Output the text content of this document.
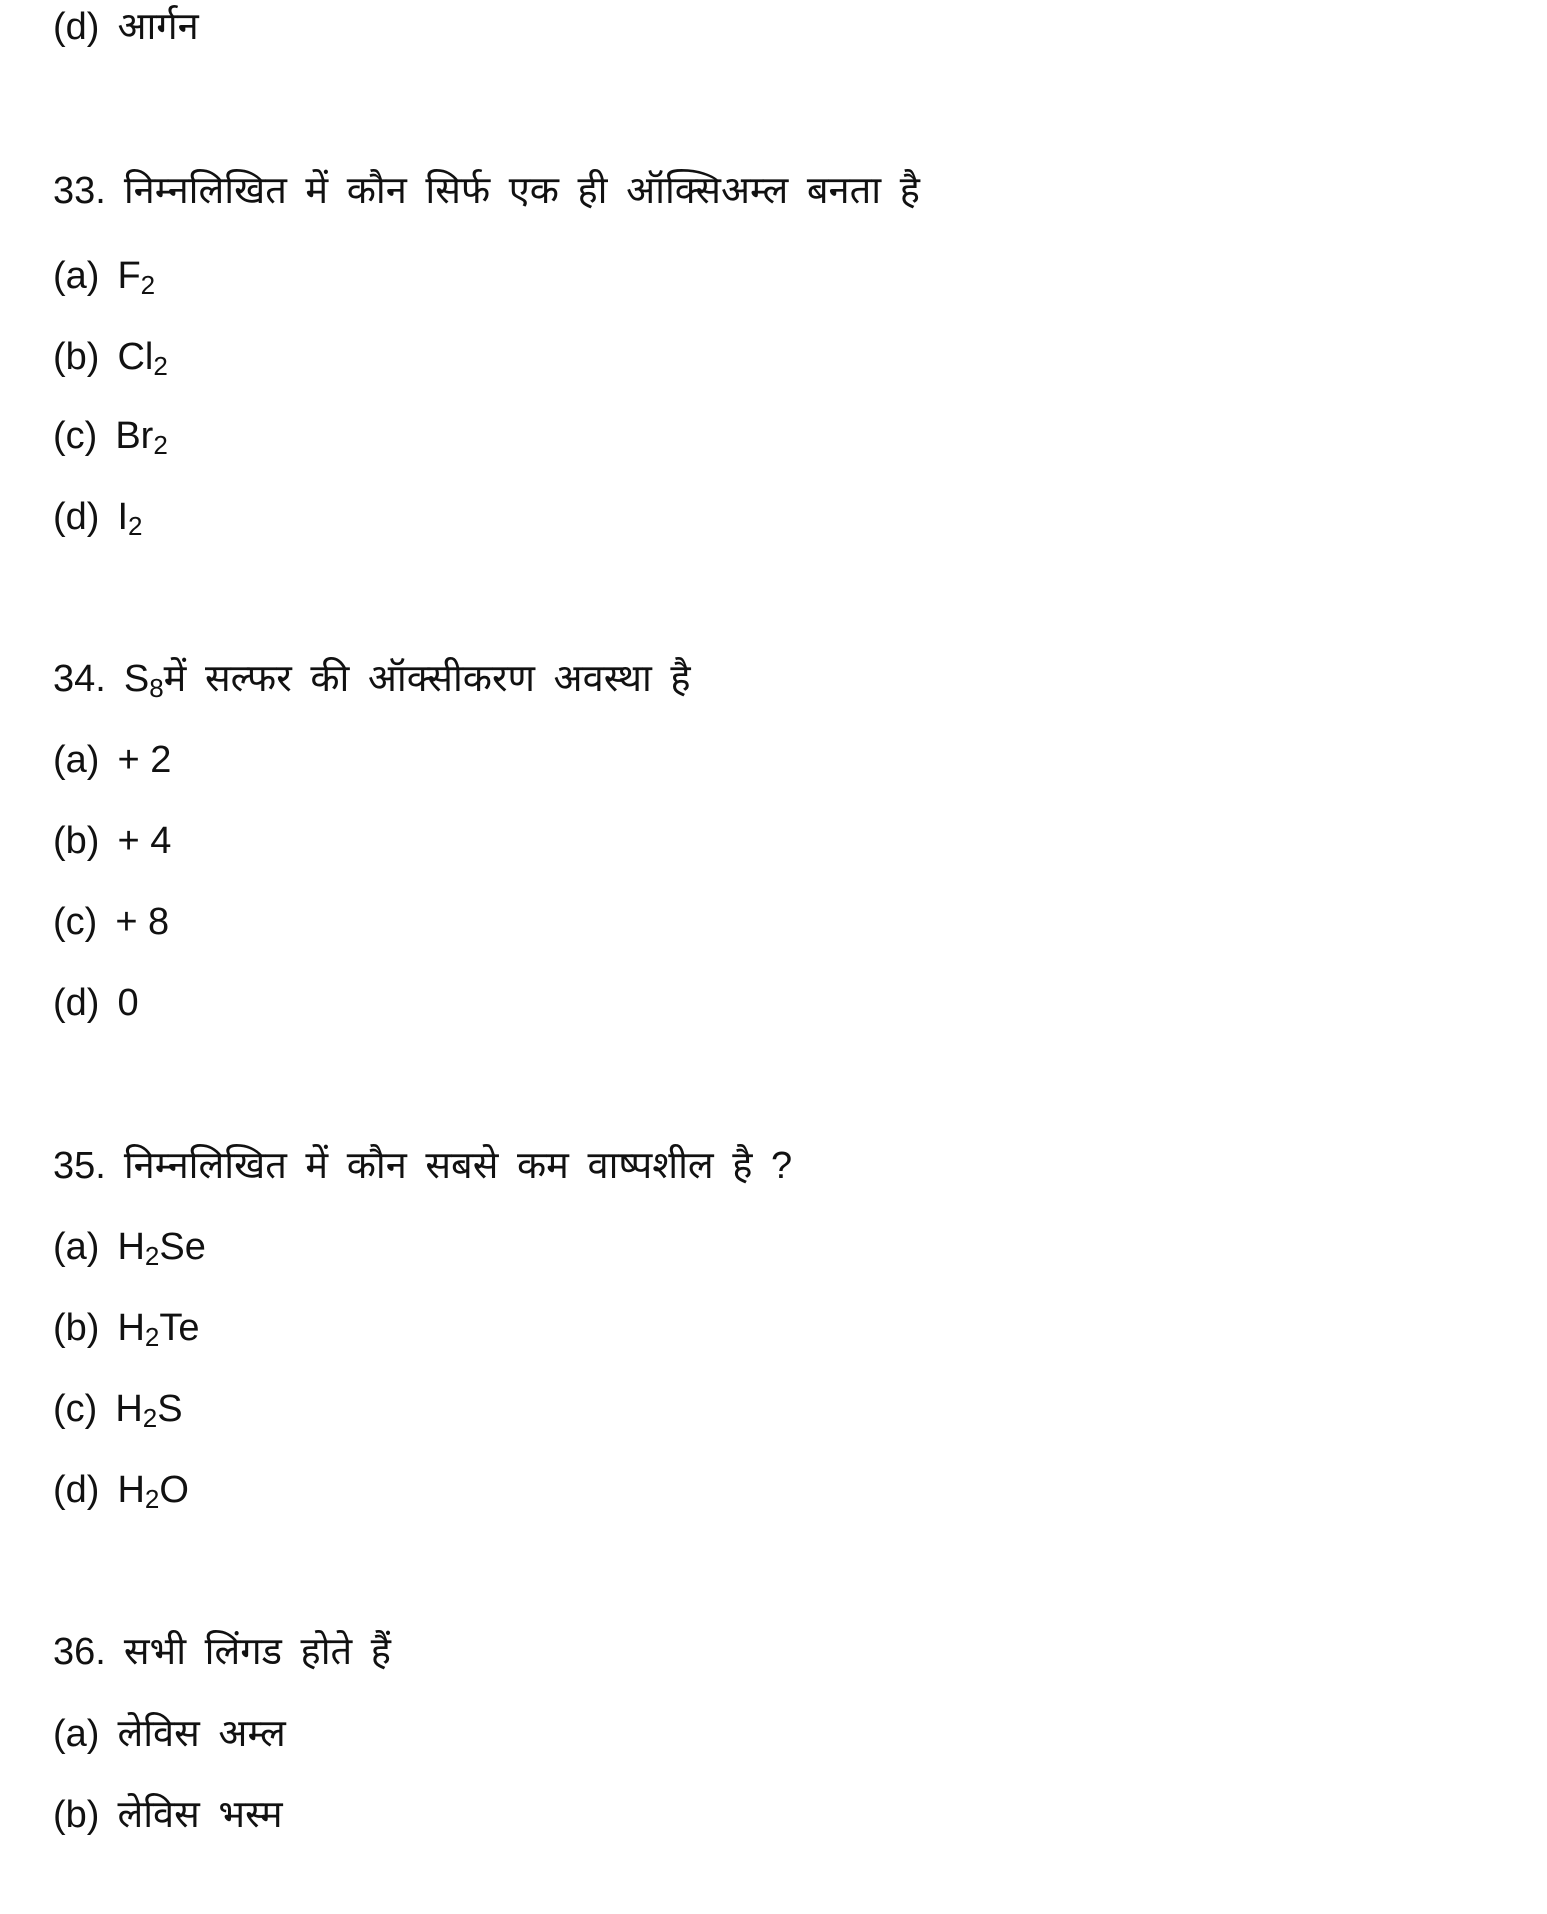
(d) आर्गन
33. निम्नलिखित में कौन सिर्फ एक ही ऑक्सिअम्ल बनता है
(a) $F_2$
(b) $Cl_2$
(c) $Br_2$
(d) $I_2$
34. $S_8में$ सल्फर की ऑक्सीकरण अवस्था है
(a) + 2
(b) + 4
(c) + 8
(d) 0
35. निम्नलिखित में कौन सबसे कम वाष्पशील है ?
(a) $H_2Se$
(b) $H_2Te$
(c) $H_2S$
(d) $H_2O$
36. सभी लिंगड होते हैं
(a) लेविस अम्ल
(b) लेविस भस्म
